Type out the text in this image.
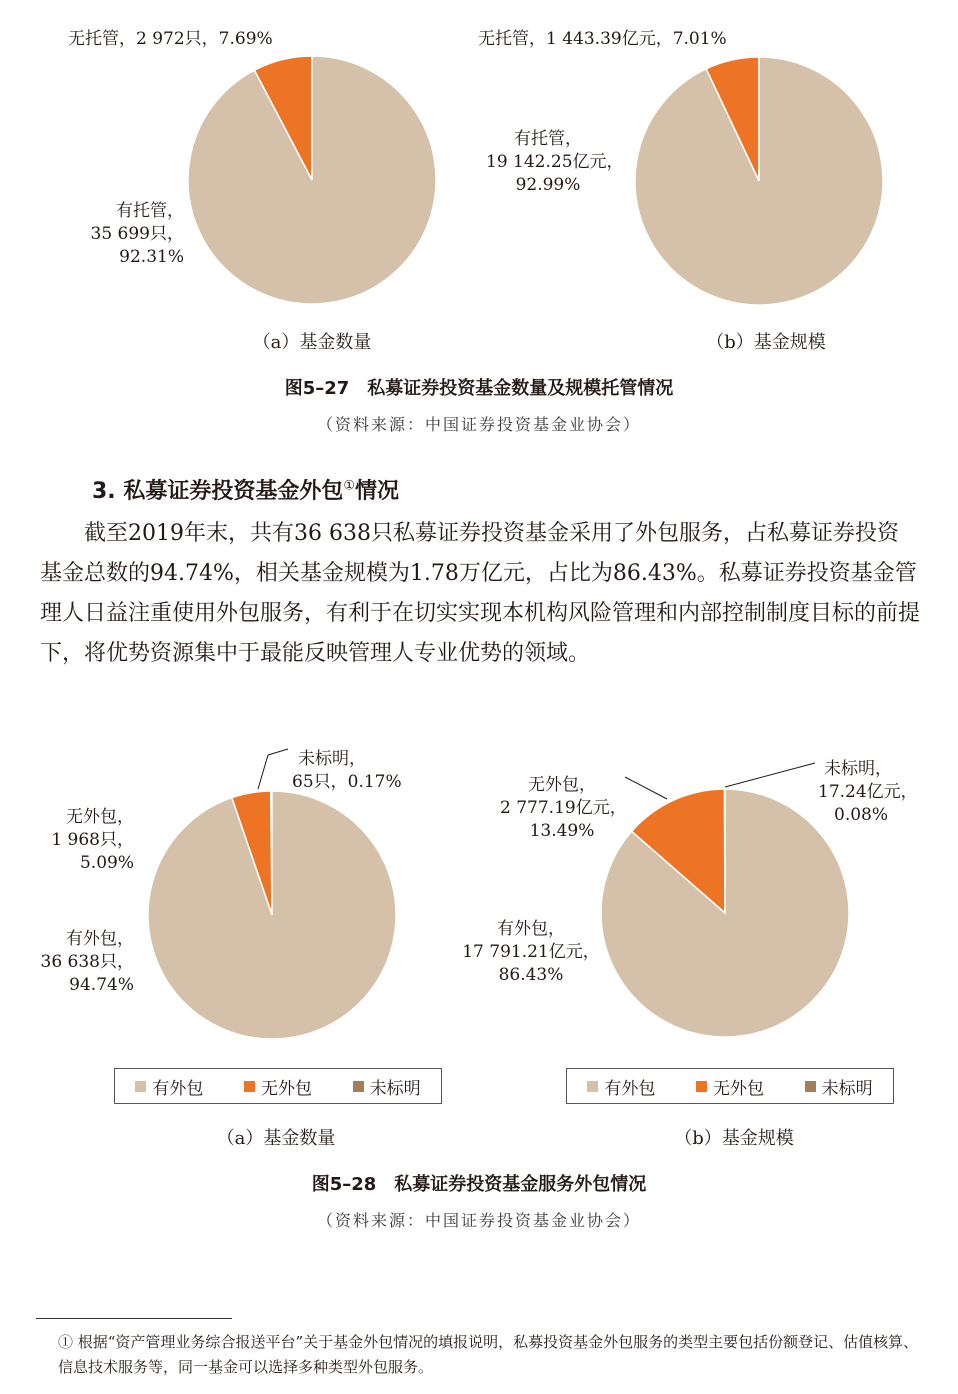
无托管，2 972只，7.69%
有托管，
35 699只，
92.31%
无托管，1 443.39亿元，7.01%
有托管，
19 142.25亿元，
92.99%
（a）基金数量	（b）基金规模
图5–27　私募证券投资基金数量及规模托管情况
（资料来源：中国证券投资基金业协会）
3. 私募证券投资基金外包①情况
截至2019年末，共有36 638只私募证券投资基金采用了外包服务，占私募证券投资基金总数的94.74%，相关基金规模为1.78万亿元，占比为86.43%。私募证券投资基金管理人日益注重使用外包服务，有利于在切实实现本机构风险管理和内部控制制度目标的前提下，将优势资源集中于最能反映管理人专业优势的领域。
未标明，
65只，0.17%
无外包，
1 968只，
5.09%
有外包，
36 638只，
94.74%
未标明，
17.24亿元，
0.08%
无外包，
2 777.19亿元，
13.49%
有外包，
17 791.21亿元，
86.43%
有外包	无外包	未标明	有外包	无外包	未标明
（a）基金数量	（b）基金规模
图5–28　私募证券投资基金服务外包情况
（资料来源：中国证券投资基金业协会）
① 根据“资产管理业务综合报送平台”关于基金外包情况的填报说明，私募投资基金外包服务的类型主要包括份额登记、估值核算、信息技术服务等，同一基金可以选择多种类型外包服务。
